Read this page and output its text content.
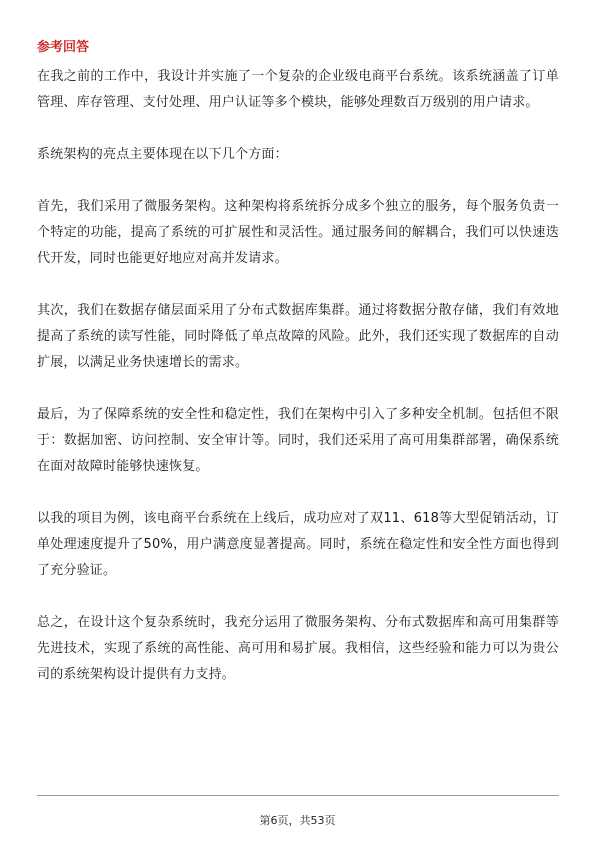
参考回答

在我之前的工作中，我设计并实施了一个复杂的企业级电商平台系统。该系统涵盖了订单管理、库存管理、支付处理、用户认证等多个模块，能够处理数百万级别的用户请求。

系统架构的亮点主要体现在以下几个方面：

首先，我们采用了微服务架构。这种架构将系统拆分成多个独立的服务，每个服务负责一个特定的功能，提高了系统的可扩展性和灵活性。通过服务间的解耦合，我们可以快速迭代开发，同时也能更好地应对高并发请求。

其次，我们在数据存储层面采用了分布式数据库集群。通过将数据分散存储，我们有效地提高了系统的读写性能，同时降低了单点故障的风险。此外，我们还实现了数据库的自动扩展，以满足业务快速增长的需求。

最后，为了保障系统的安全性和稳定性，我们在架构中引入了多种安全机制。包括但不限于：数据加密、访问控制、安全审计等。同时，我们还采用了高可用集群部署，确保系统在面对故障时能够快速恢复。

以我的项目为例，该电商平台系统在上线后，成功应对了双11、618等大型促销活动，订单处理速度提升了50%，用户满意度显著提高。同时，系统在稳定性和安全性方面也得到了充分验证。

总之，在设计这个复杂系统时，我充分运用了微服务架构、分布式数据库和高可用集群等先进技术，实现了系统的高性能、高可用和易扩展。我相信，这些经验和能力可以为贵公司的系统架构设计提供有力支持。

第6页，共53页
